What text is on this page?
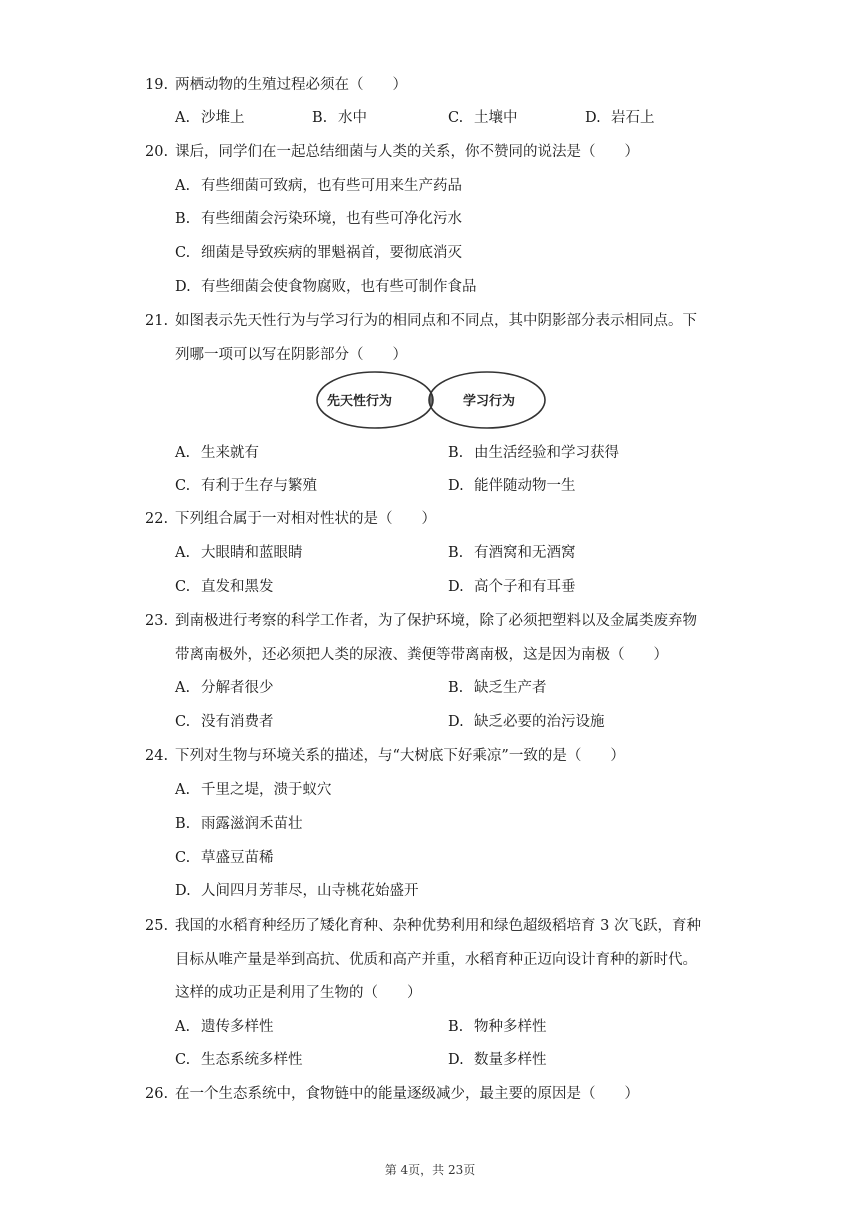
19. 两栖动物的生殖过程必须在（　　）
A. 沙堆上	B. 水中	C. 土壤中	D. 岩石上
20. 课后，同学们在一起总结细菌与人类的关系，你不赞同的说法是（　　）
A. 有些细菌可致病，也有些可用来生产药品
B. 有些细菌会污染环境，也有些可净化污水
C. 细菌是导致疾病的罪魁祸首，要彻底消灭
D. 有些细菌会使食物腐败，也有些可制作食品
21. 如图表示先天性行为与学习行为的相同点和不同点，其中阴影部分表示相同点。下
列哪一项可以写在阴影部分（　　）
先天性行为	学习行为
A. 生来就有	B. 由生活经验和学习获得
C. 有利于生存与繁殖	D. 能伴随动物一生
22. 下列组合属于一对相对性状的是（　　）
A. 大眼睛和蓝眼睛	B. 有酒窝和无酒窝
C. 直发和黑发	D. 高个子和有耳垂
23. 到南极进行考察的科学工作者，为了保护环境，除了必须把塑料以及金属类废弃物
带离南极外，还必须把人类的尿液、粪便等带离南极，这是因为南极（　　）
A. 分解者很少	B. 缺乏生产者
C. 没有消费者	D. 缺乏必要的治污设施
24. 下列对生物与环境关系的描述，与“大树底下好乘凉”一致的是（　　）
A. 千里之堤，溃于蚁穴
B. 雨露滋润禾苗壮
C. 草盛豆苗稀
D. 人间四月芳菲尽，山寺桃花始盛开
25. 我国的水稻育种经历了矮化育种、杂种优势利用和绿色超级稻培育 3 次飞跃，育种
目标从唯产量是举到高抗、优质和高产并重，水稻育种正迈向设计育种的新时代。
这样的成功正是利用了生物的（　　）
A. 遗传多样性	B. 物种多样性
C. 生态系统多样性	D. 数量多样性
26. 在一个生态系统中，食物链中的能量逐级减少，最主要的原因是（　　）
第 4页，共 23页
